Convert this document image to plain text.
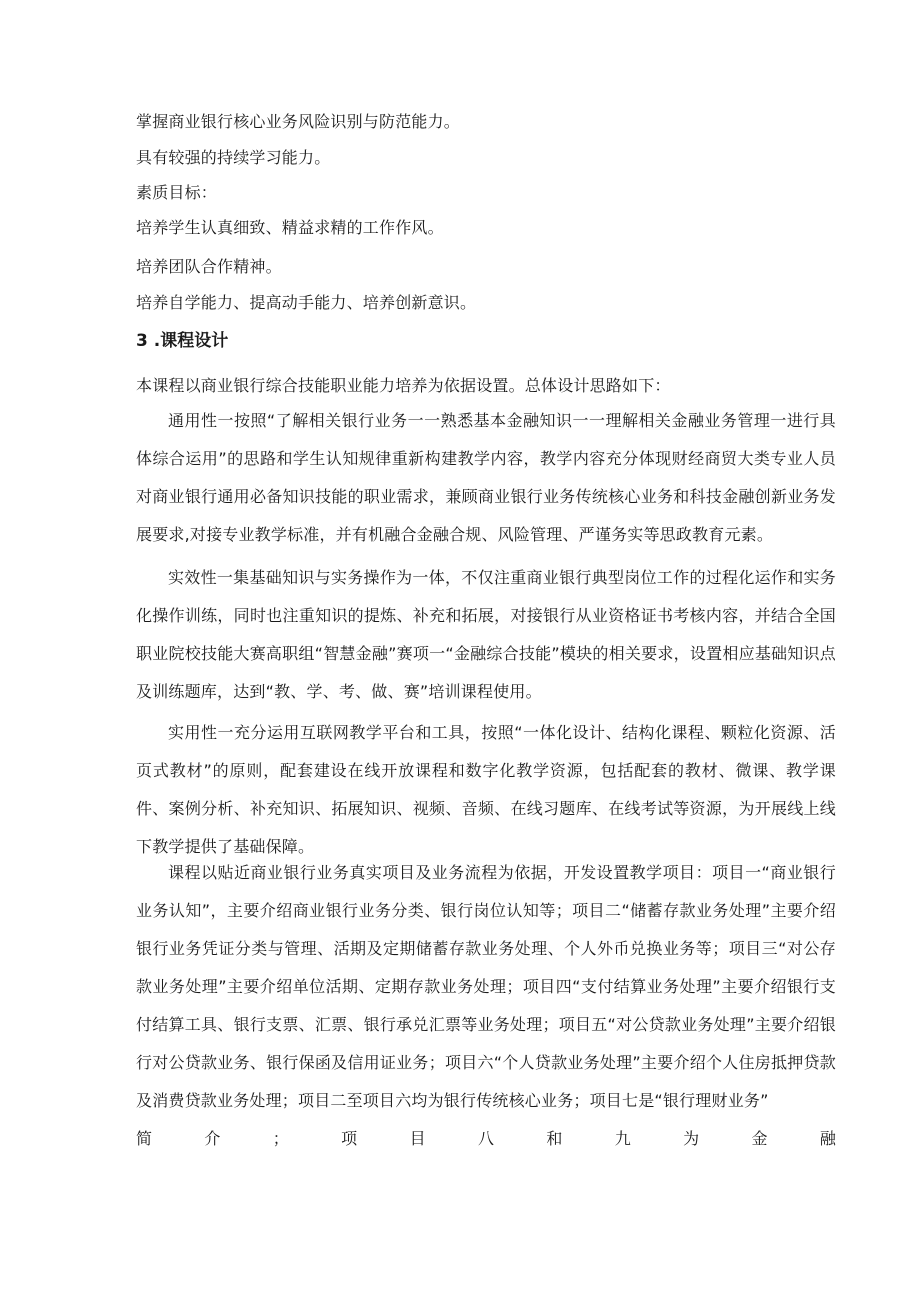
掌握商业银行核心业务风险识别与防范能力。
具有较强的持续学习能力。
素质目标：
培养学生认真细致、精益求精的工作作风。
培养团队合作精神。
培养自学能力、提高动手能力、培养创新意识。
3 .课程设计
本课程以商业银行综合技能职业能力培养为依据设置。总体设计思路如下：
通用性一按照“了解相关银行业务一一熟悉基本金融知识一一理解相关金融业务管理一进行具体综合运用”的思路和学生认知规律重新构建教学内容，教学内容充分体现财经商贸大类专业人员对商业银行通用必备知识技能的职业需求，兼顾商业银行业务传统核心业务和科技金融创新业务发展要求,对接专业教学标准，并有机融合金融合规、风险管理、严谨务实等思政教育元素。
实效性一集基础知识与实务操作为一体，不仅注重商业银行典型岗位工作的过程化运作和实务化操作训练，同时也注重知识的提炼、补充和拓展，对接银行从业资格证书考核内容，并结合全国职业院校技能大赛高职组“智慧金融”赛项一“金融综合技能”模块的相关要求，设置相应基础知识点及训练题库，达到“教、学、考、做、赛”培训课程使用。
实用性一充分运用互联网教学平台和工具，按照“一体化设计、结构化课程、颗粒化资源、活页式教材”的原则，配套建设在线开放课程和数字化教学资源，包括配套的教材、微课、教学课件、案例分析、补充知识、拓展知识、视频、音频、在线习题库、在线考试等资源，为开展线上线下教学提供了基础保障。
课程以贴近商业银行业务真实项目及业务流程为依据，开发设置教学项目：项目一“商业银行业务认知”，主要介绍商业银行业务分类、银行岗位认知等；项目二“储蓄存款业务处理”主要介绍银行业务凭证分类与管理、活期及定期储蓄存款业务处理、个人外币兑换业务等；项目三“对公存款业务处理”主要介绍单位活期、定期存款业务处理；项目四“支付结算业务处理”主要介绍银行支付结算工具、银行支票、汇票、银行承兑汇票等业务处理；项目五“对公贷款业务处理”主要介绍银行对公贷款业务、银行保函及信用证业务；项目六“个人贷款业务处理”主要介绍个人住房抵押贷款及消费贷款业务处理；项目二至项目六均为银行传统核心业务；项目七是“银行理财业务”
简	介	；	项	目	八	和	九	为	金	融
